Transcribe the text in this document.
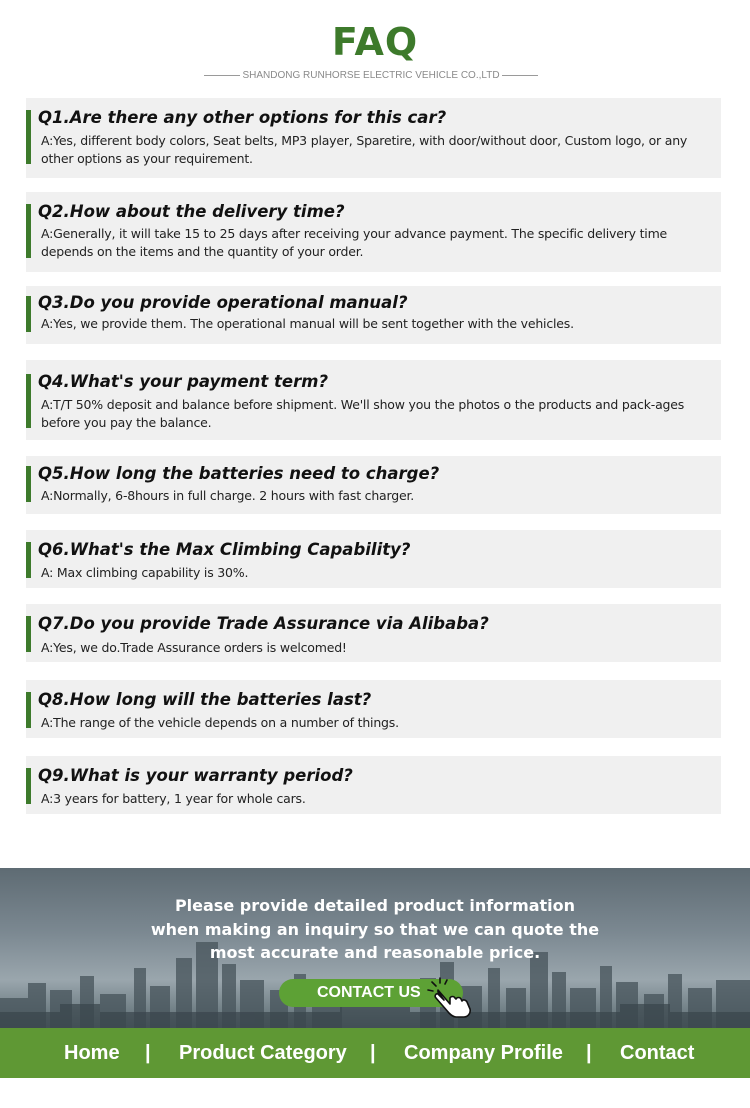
FAQ
SHANDONG RUNHORSE ELECTRIC VEHICLE CO.,LTD
Q1.Are there any other options for this car?
A:Yes, different body colors, Seat belts, MP3 player, Sparetire, with door/without door, Custom logo, or any other options as your requirement.
Q2.How about the delivery time?
A:Generally, it will take 15 to 25 days after receiving your advance payment. The specific delivery time depends on the items and the quantity of your order.
Q3.Do you provide operational manual?
A:Yes, we provide them. The operational manual will be sent together with the vehicles.
Q4.What's your payment term?
A:T/T 50% deposit and balance before shipment. We'll show you the photos o the products and pack-ages before you pay the balance.
Q5.How long the batteries need to charge?
A:Normally, 6-8hours in full charge. 2 hours with fast charger.
Q6.What's the Max Climbing Capability?
A: Max climbing capability is 30%.
Q7.Do you provide Trade Assurance via Alibaba?
A:Yes, we do.Trade Assurance orders is welcomed!
Q8.How long will the batteries last?
A:The range of the vehicle depends on a number of things.
Q9.What is your warranty period?
A:3 years for battery, 1 year for whole cars.
Please provide detailed product information
when making an inquiry so that we can quote the
most accurate and reasonable price.
CONTACT US
Home | Product Category | Company Profile | Contact
